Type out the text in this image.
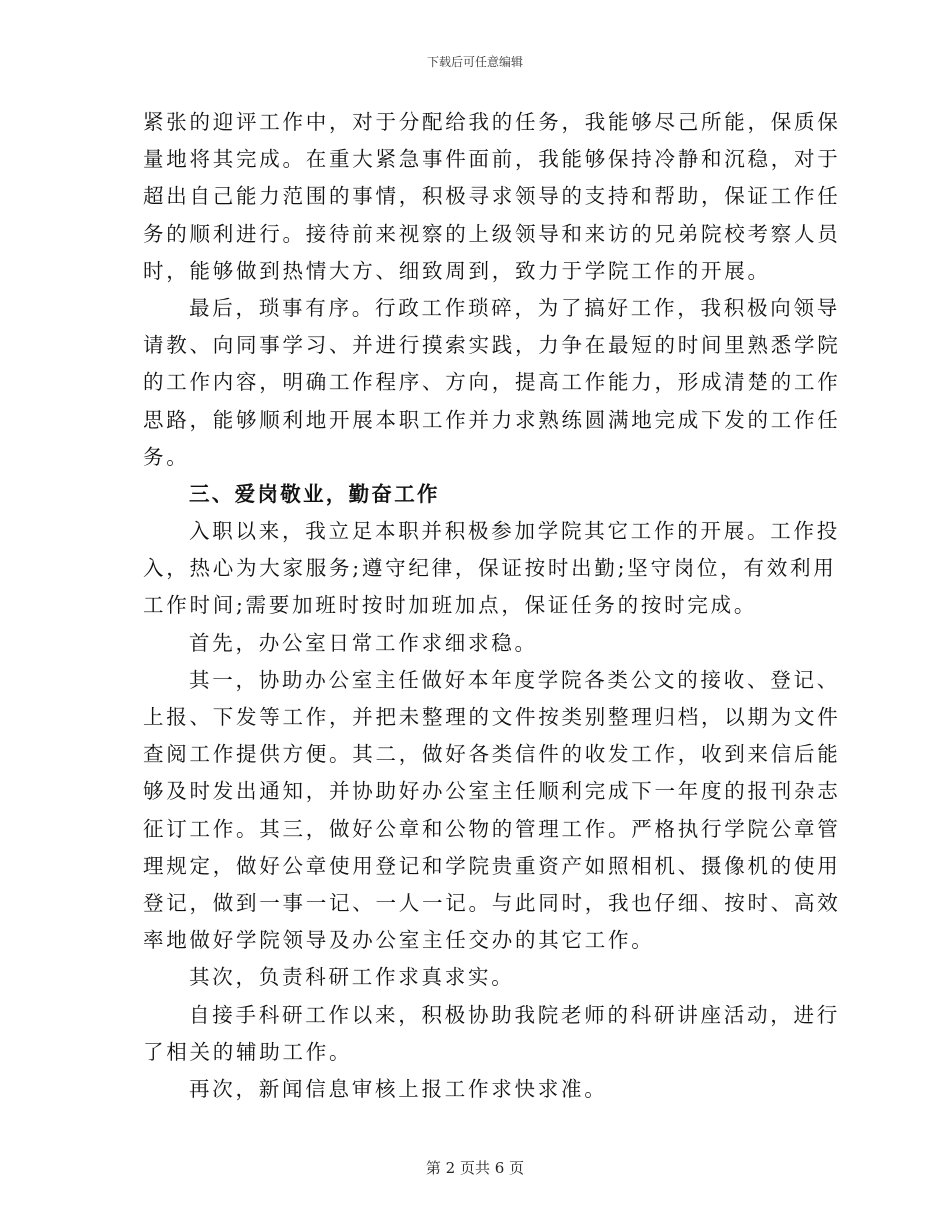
下载后可任意编辑
紧张的迎评工作中，对于分配给我的任务，我能够尽己所能，保质保
量地将其完成。在重大紧急事件面前，我能够保持冷静和沉稳，对于
超出自己能力范围的事情，积极寻求领导的支持和帮助，保证工作任
务的顺利进行。接待前来视察的上级领导和来访的兄弟院校考察人员
时，能够做到热情大方、细致周到，致力于学院工作的开展。
最后，琐事有序。行政工作琐碎，为了搞好工作，我积极向领导
请教、向同事学习、并进行摸索实践，力争在最短的时间里熟悉学院
的工作内容，明确工作程序、方向，提高工作能力，形成清楚的工作
思路，能够顺利地开展本职工作并力求熟练圆满地完成下发的工作任
务。
三、爱岗敬业，勤奋工作
入职以来，我立足本职并积极参加学院其它工作的开展。工作投
入，热心为大家服务;遵守纪律，保证按时出勤;坚守岗位，有效利用
工作时间;需要加班时按时加班加点，保证任务的按时完成。
首先，办公室日常工作求细求稳。
其一，协助办公室主任做好本年度学院各类公文的接收、登记、
上报、下发等工作，并把未整理的文件按类别整理归档，以期为文件
查阅工作提供方便。其二，做好各类信件的收发工作，收到来信后能
够及时发出通知，并协助好办公室主任顺利完成下一年度的报刊杂志
征订工作。其三，做好公章和公物的管理工作。严格执行学院公章管
理规定，做好公章使用登记和学院贵重资产如照相机、摄像机的使用
登记，做到一事一记、一人一记。与此同时，我也仔细、按时、高效
率地做好学院领导及办公室主任交办的其它工作。
其次，负责科研工作求真求实。
自接手科研工作以来，积极协助我院老师的科研讲座活动，进行
了相关的辅助工作。
再次，新闻信息审核上报工作求快求准。
第 2 页共 6 页
